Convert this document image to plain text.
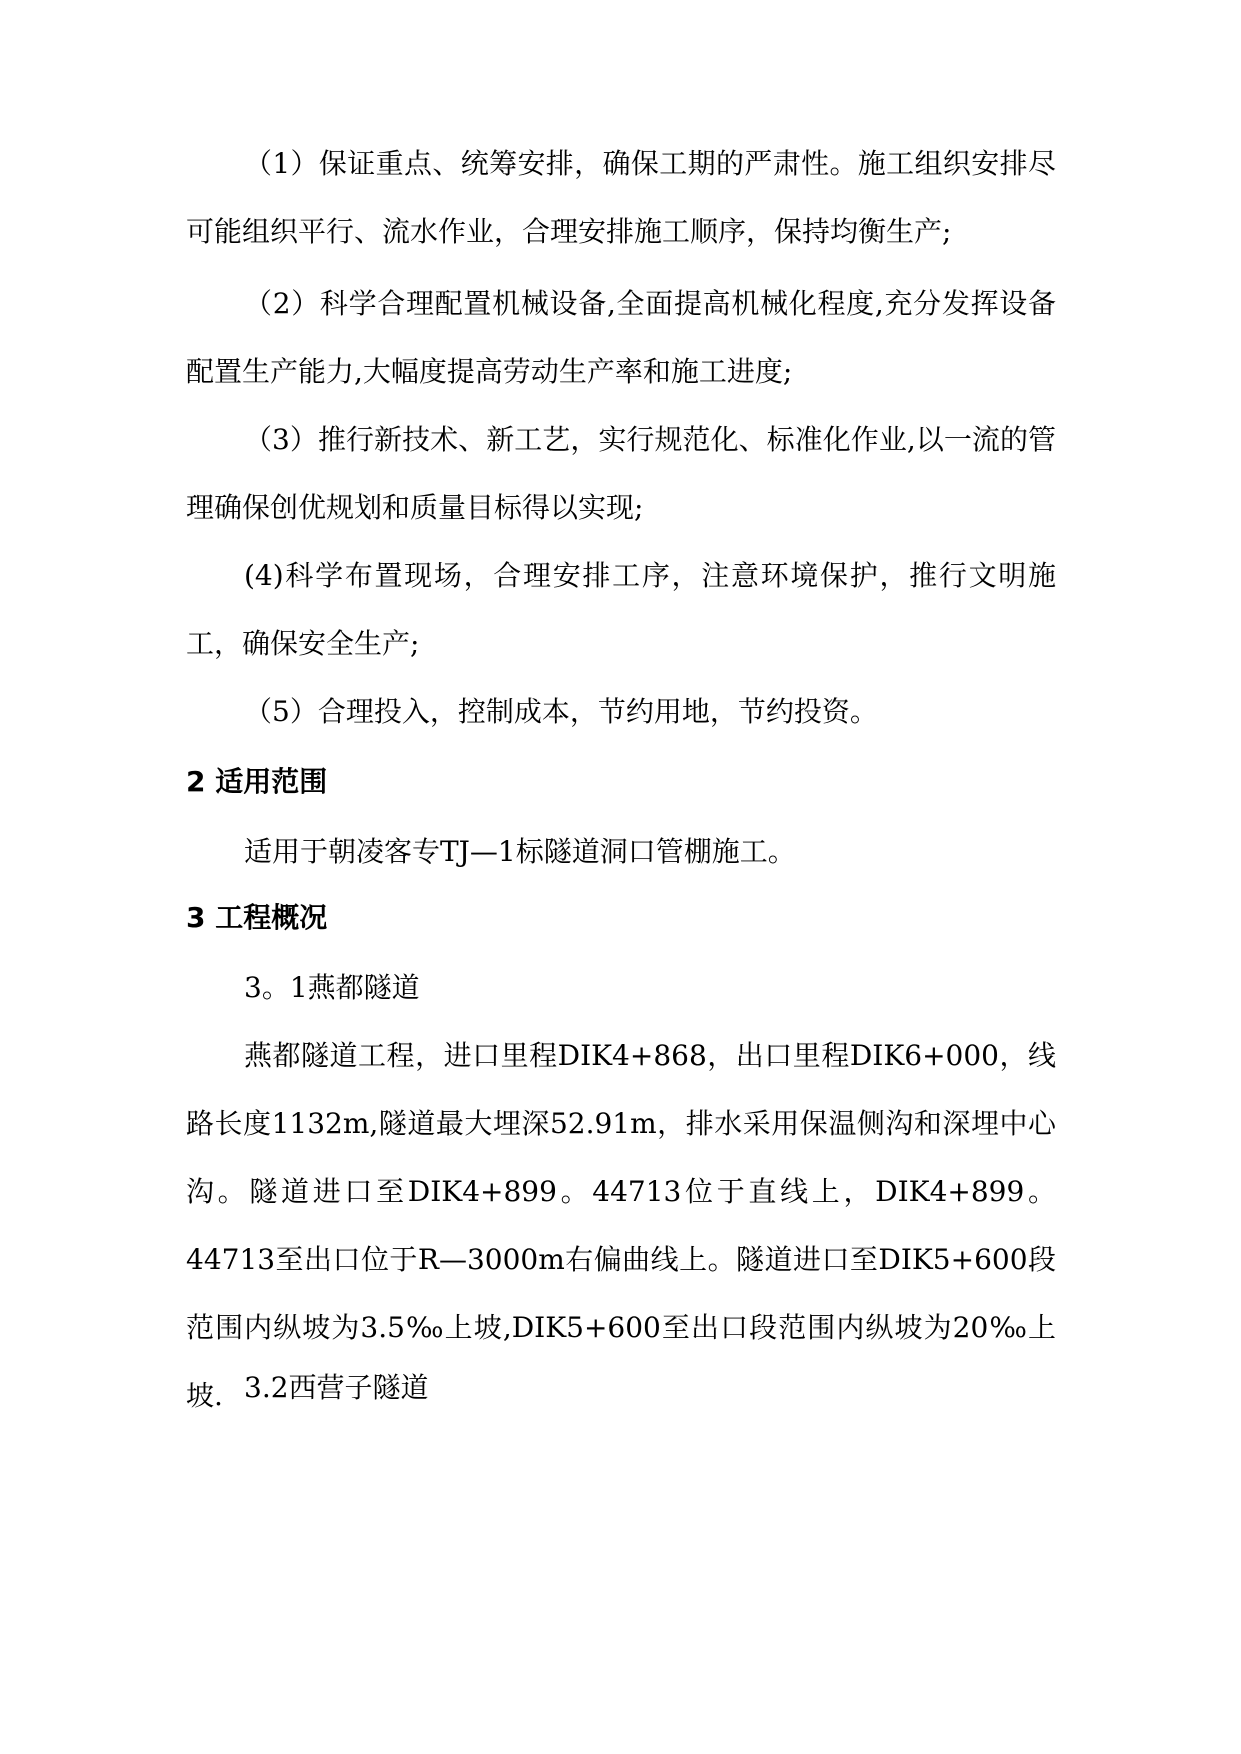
（1）保证重点、统筹安排，确保工期的严肃性。施工组织安排尽可能组织平行、流水作业，合理安排施工顺序，保持均衡生产;

（2）科学合理配置机械设备,全面提高机械化程度,充分发挥设备配置生产能力,大幅度提高劳动生产率和施工进度;

（3）推行新技术、新工艺，实行规范化、标准化作业,以一流的管理确保创优规划和质量目标得以实现;

(4)科学布置现场，合理安排工序，注意环境保护，推行文明施工，确保安全生产;

（5）合理投入，控制成本，节约用地，节约投资。

2 适用范围

适用于朝凌客专TJ—1标隧道洞口管棚施工。

3 工程概况

3。1燕都隧道

燕都隧道工程，进口里程DIK4+868，出口里程DIK6+000，线路长度1132m,隧道最大埋深52.91m，排水采用保温侧沟和深埋中心沟。隧道进口至DIK4+899。44713位于直线上，DIK4+899。44713至出口位于R—3000m右偏曲线上。隧道进口至DIK5+600段范围内纵坡为3.5‰上坡,DIK5+600至出口段范围内纵坡为20‰上坡. 3.2西营子隧道
